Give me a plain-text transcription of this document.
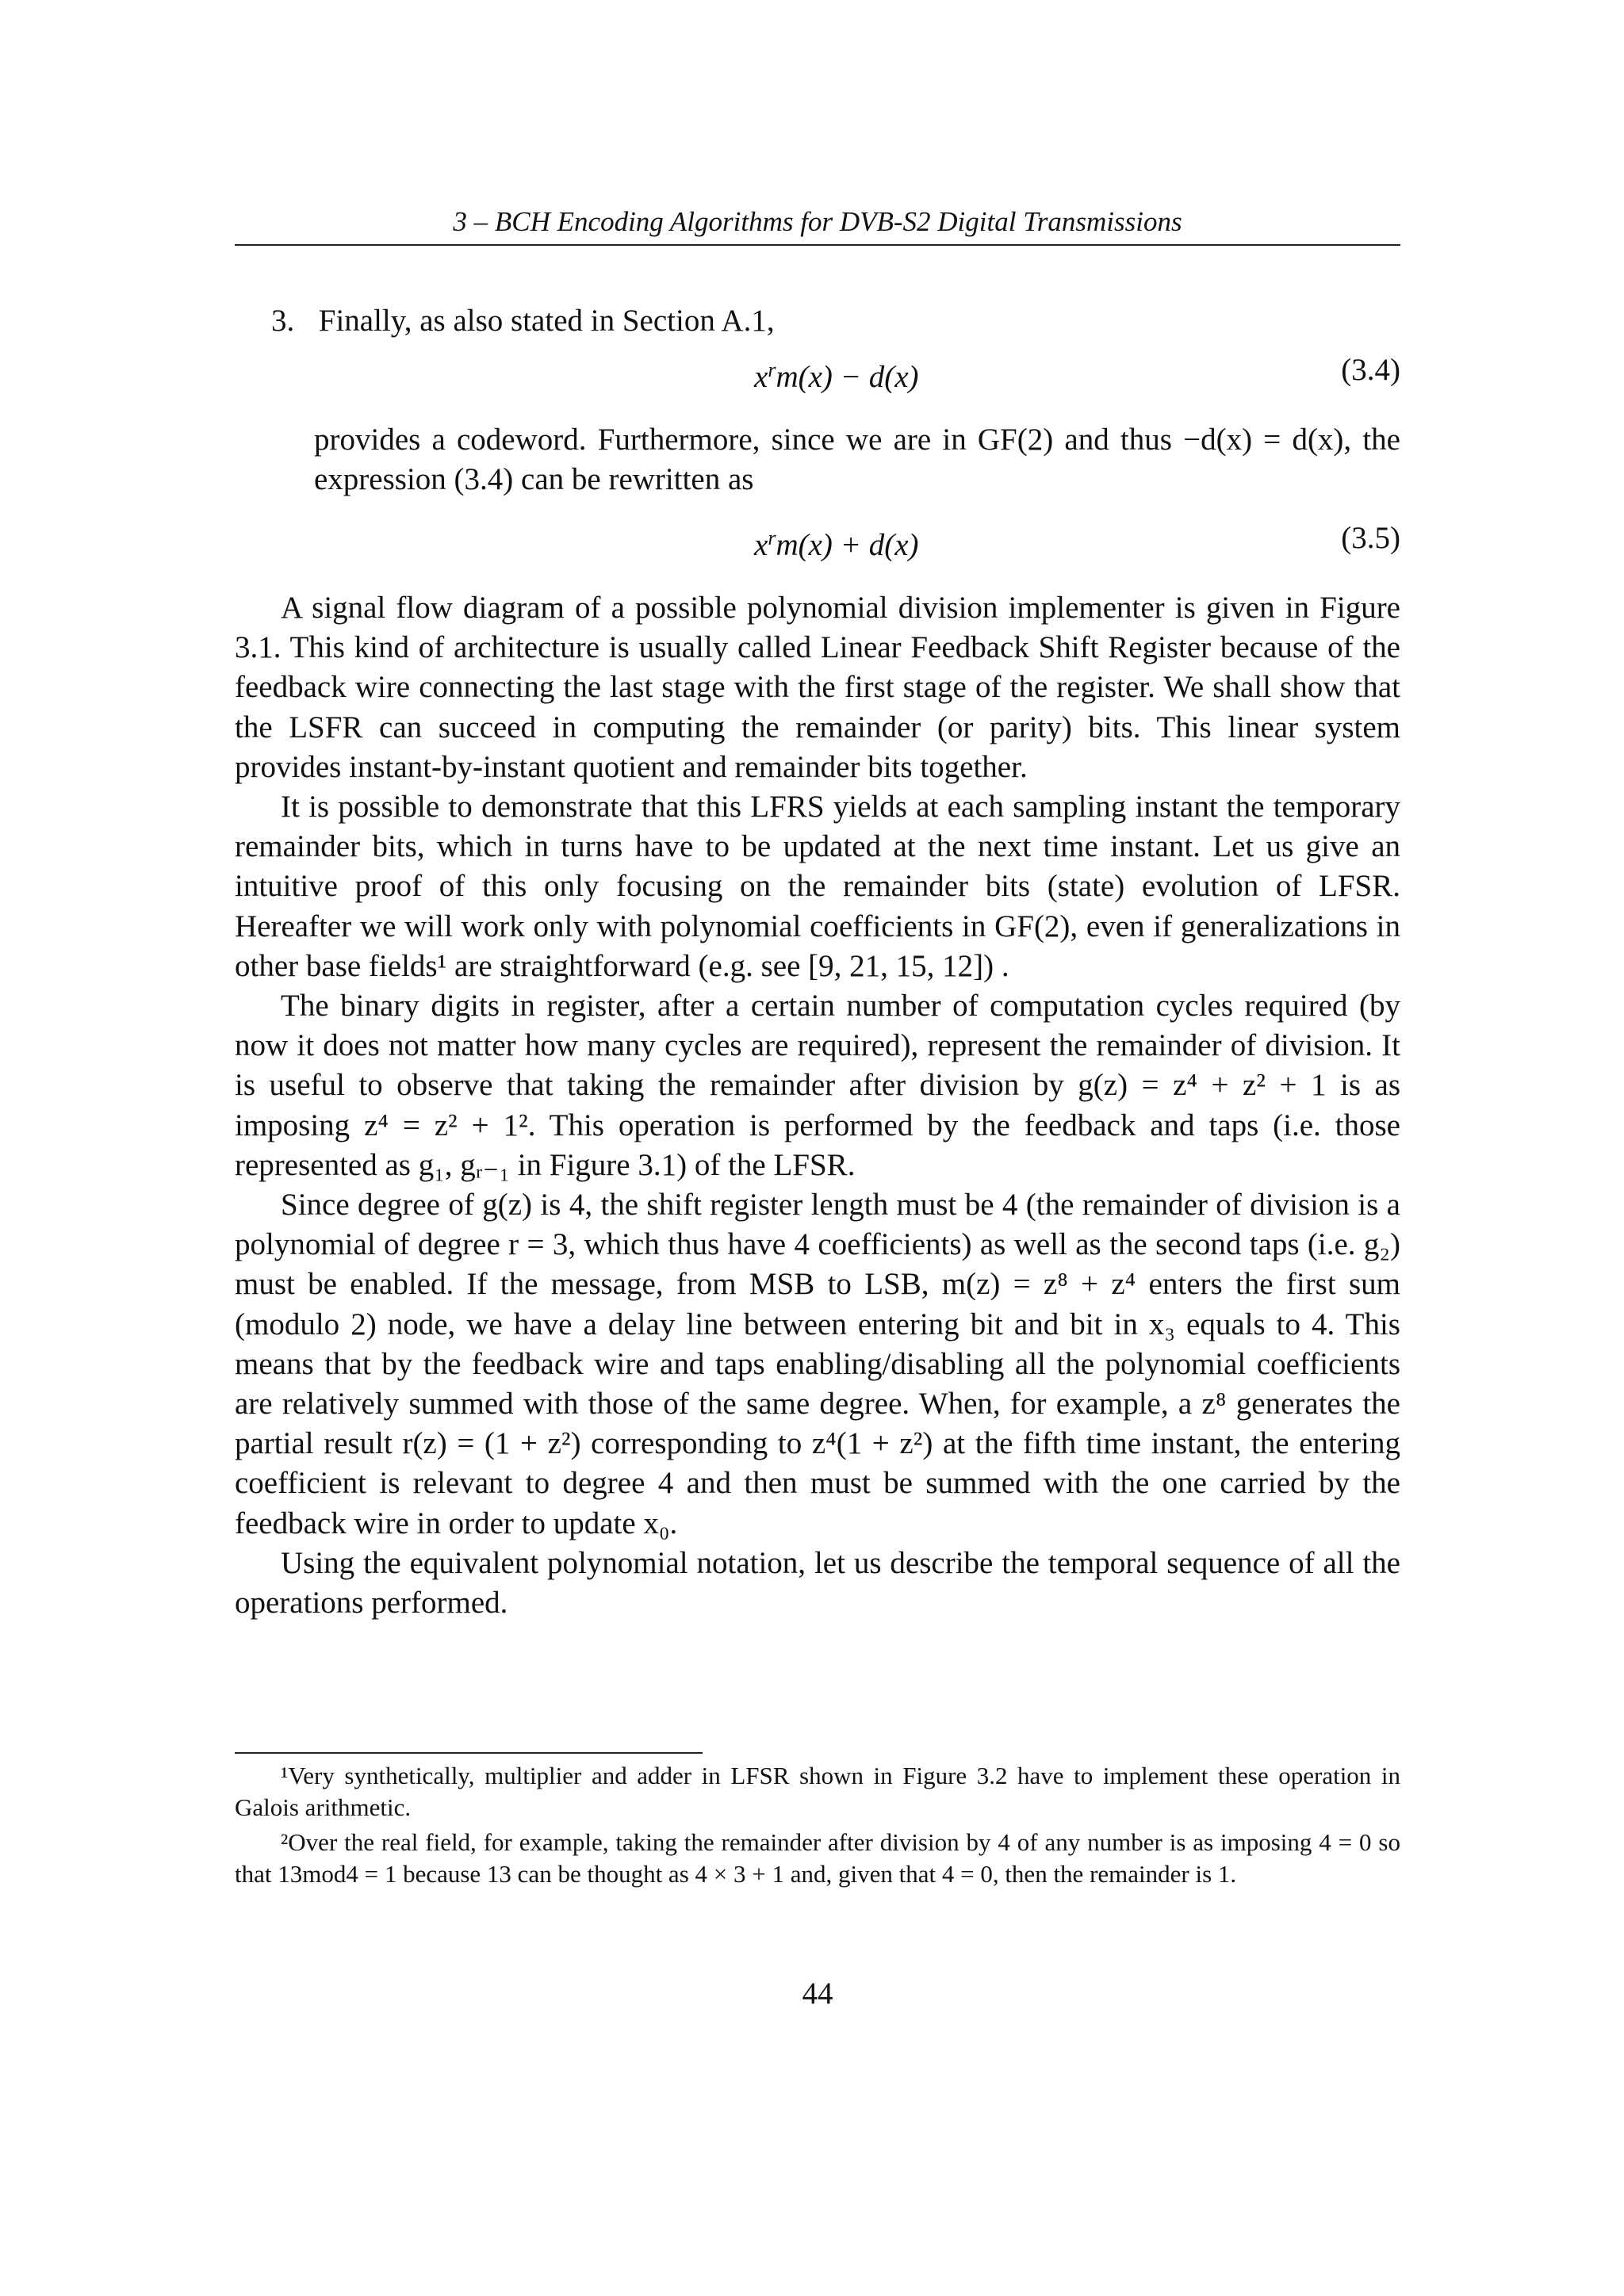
3 – BCH Encoding Algorithms for DVB-S2 Digital Transmissions
3. Finally, as also stated in Section A.1,
$x^rm(x) - d(x)$	(3.4)
provides a codeword. Furthermore, since we are in GF(2) and thus −d(x) = d(x), the expression (3.4) can be rewritten as
$x^rm(x) + d(x)$	(3.5)

A signal flow diagram of a possible polynomial division implementer is given in Figure 3.1. This kind of architecture is usually called Linear Feedback Shift Register because of the feedback wire connecting the last stage with the first stage of the register. We shall show that the LSFR can succeed in computing the remainder (or parity) bits. This linear system provides instant-by-instant quotient and remainder bits together.

It is possible to demonstrate that this LFRS yields at each sampling instant the temporary remainder bits, which in turns have to be updated at the next time instant. Let us give an intuitive proof of this only focusing on the remainder bits (state) evolution of LFSR. Hereafter we will work only with polynomial coefficients in GF(2), even if generalizations in other base fields¹ are straightforward (e.g. see [9, 21, 15, 12]) .

The binary digits in register, after a certain number of computation cycles required (by now it does not matter how many cycles are required), represent the remainder of division. It is useful to observe that taking the remainder after division by g(z) = z⁴ + z² + 1 is as imposing z⁴ = z² + 1². This operation is performed by the feedback and taps (i.e. those represented as g₁, gᵣ₋₁ in Figure 3.1) of the LFSR.

Since degree of g(z) is 4, the shift register length must be 4 (the remainder of division is a polynomial of degree r = 3, which thus have 4 coefficients) as well as the second taps (i.e. g₂) must be enabled. If the message, from MSB to LSB, m(z) = z⁸ + z⁴ enters the first sum (modulo 2) node, we have a delay line between entering bit and bit in x₃ equals to 4. This means that by the feedback wire and taps enabling/disabling all the polynomial coefficients are relatively summed with those of the same degree. When, for example, a z⁸ generates the partial result r(z) = (1 + z²) corresponding to z⁴(1 + z²) at the fifth time instant, the entering coefficient is relevant to degree 4 and then must be summed with the one carried by the feedback wire in order to update x₀.

Using the equivalent polynomial notation, let us describe the temporal sequence of all the operations performed.

¹Very synthetically, multiplier and adder in LFSR shown in Figure 3.2 have to implement these operation in Galois arithmetic.

²Over the real field, for example, taking the remainder after division by 4 of any number is as imposing 4 = 0 so that 13mod4 = 1 because 13 can be thought as 4 × 3 + 1 and, given that 4 = 0, then the remainder is 1.

44
